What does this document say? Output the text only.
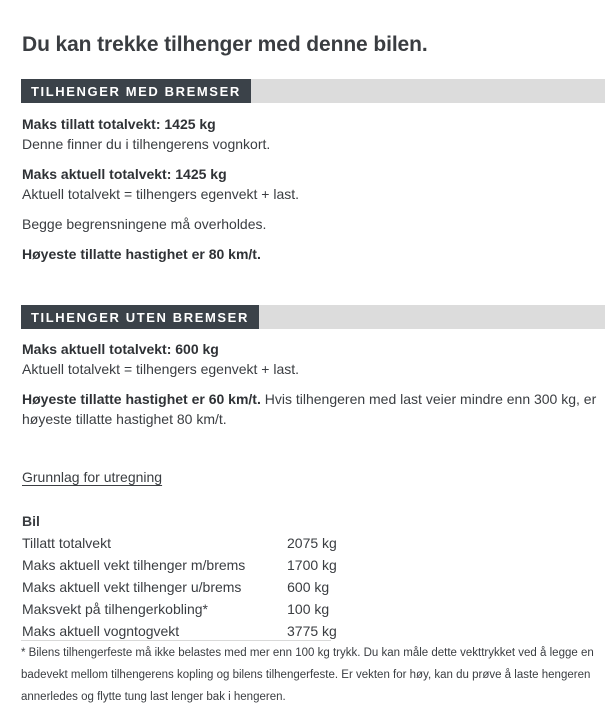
Du kan trekke tilhenger med denne bilen.
TILHENGER MED BREMSER

Maks tillatt totalvekt: 1425 kg

Denne finner du i tilhengerens vognkort.

Maks aktuell totalvekt: 1425 kg

Aktuell totalvekt = tilhengers egenvekt + last.

Begge begrensningene må overholdes.

Høyeste tillatte hastighet er 80 km/t.

TILHENGER UTEN BREMSER

Maks aktuell totalvekt: 600 kg

Aktuell totalvekt = tilhengers egenvekt + last.

Høyeste tillatte hastighet er 60 km/t. Hvis tilhengeren med last veier mindre enn 300 kg, er høyeste tillatte hastighet 80 km/t.

Grunnlag for utregning
Bil
Tillatt totalvekt	2075 kg
Maks aktuell vekt tilhenger m/brems	1700 kg
Maks aktuell vekt tilhenger u/brems	600 kg
Maksvekt på tilhengerkobling*	100 kg
Maks aktuell vogntogvekt	3775 kg

* Bilens tilhengerfeste må ikke belastes med mer enn 100 kg trykk. Du kan måle dette vekttrykket ved å legge en badevekt mellom tilhengerens kopling og bilens tilhengerfeste. Er vekten for høy, kan du prøve å laste hengeren annerledes og flytte tung last lenger bak i hengeren.
